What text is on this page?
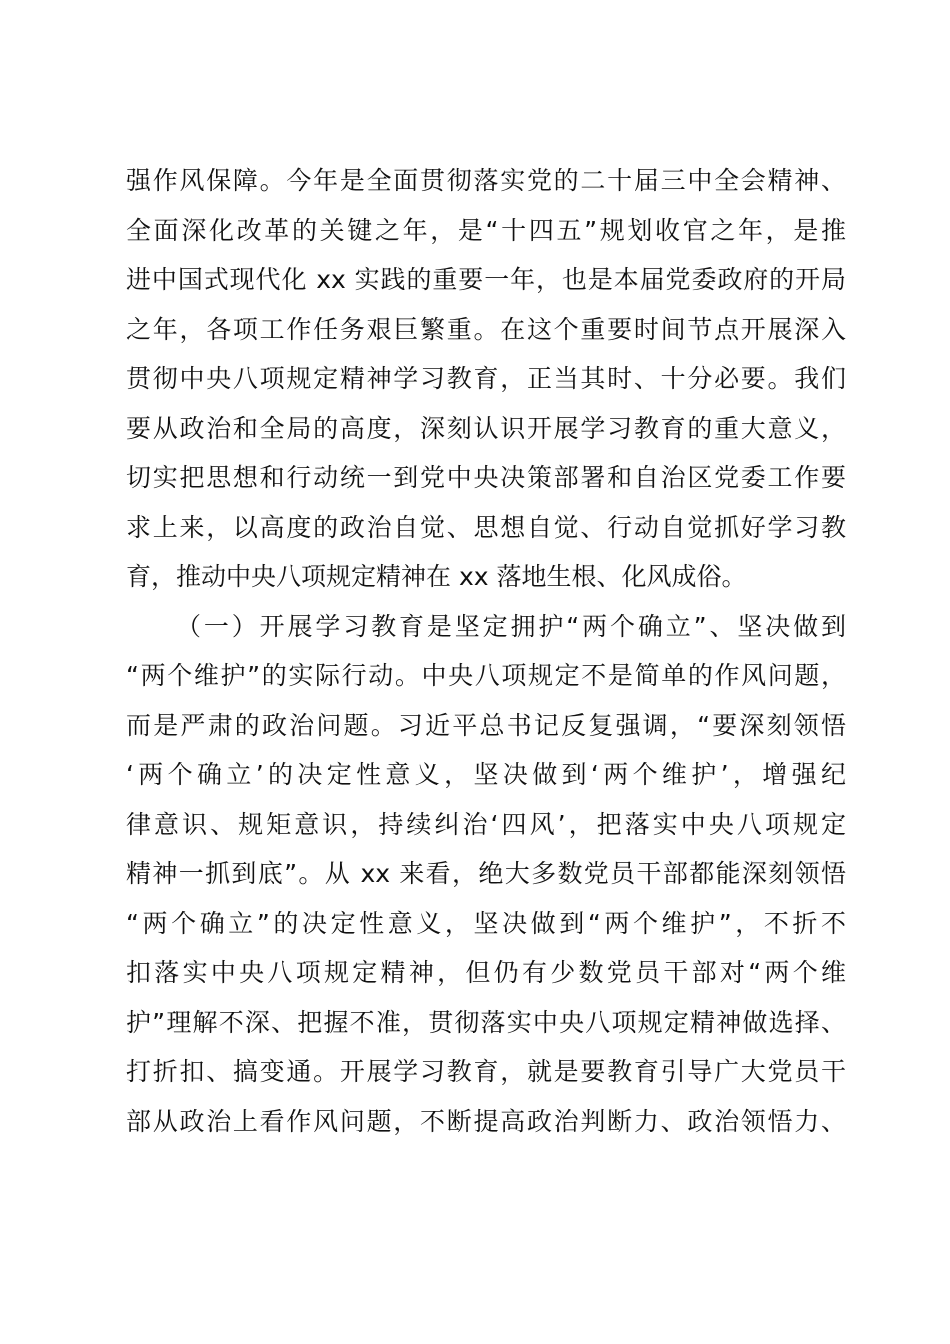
强作风保障。今年是全面贯彻落实党的二十届三中全会精神、
全面深化改革的关键之年，是“十四五”规划收官之年，是推
进中国式现代化 xx 实践的重要一年，也是本届党委政府的开局
之年，各项工作任务艰巨繁重。在这个重要时间节点开展深入
贯彻中央八项规定精神学习教育，正当其时、十分必要。我们
要从政治和全局的高度，深刻认识开展学习教育的重大意义，
切实把思想和行动统一到党中央决策部署和自治区党委工作要
求上来，以高度的政治自觉、思想自觉、行动自觉抓好学习教
育，推动中央八项规定精神在 xx 落地生根、化风成俗。
（一）开展学习教育是坚定拥护“两个确立”、坚决做到
“两个维护”的实际行动。中央八项规定不是简单的作风问题，
而是严肃的政治问题。习近平总书记反复强调，“要深刻领悟
‘两个确立’的决定性意义，坚决做到‘两个维护’，增强纪
律意识、规矩意识，持续纠治‘四风’，把落实中央八项规定
精神一抓到底”。从 xx 来看，绝大多数党员干部都能深刻领悟
“两个确立”的决定性意义，坚决做到“两个维护”，不折不
扣落实中央八项规定精神，但仍有少数党员干部对“两个维
护”理解不深、把握不准，贯彻落实中央八项规定精神做选择、
打折扣、搞变通。开展学习教育，就是要教育引导广大党员干
部从政治上看作风问题，不断提高政治判断力、政治领悟力、
